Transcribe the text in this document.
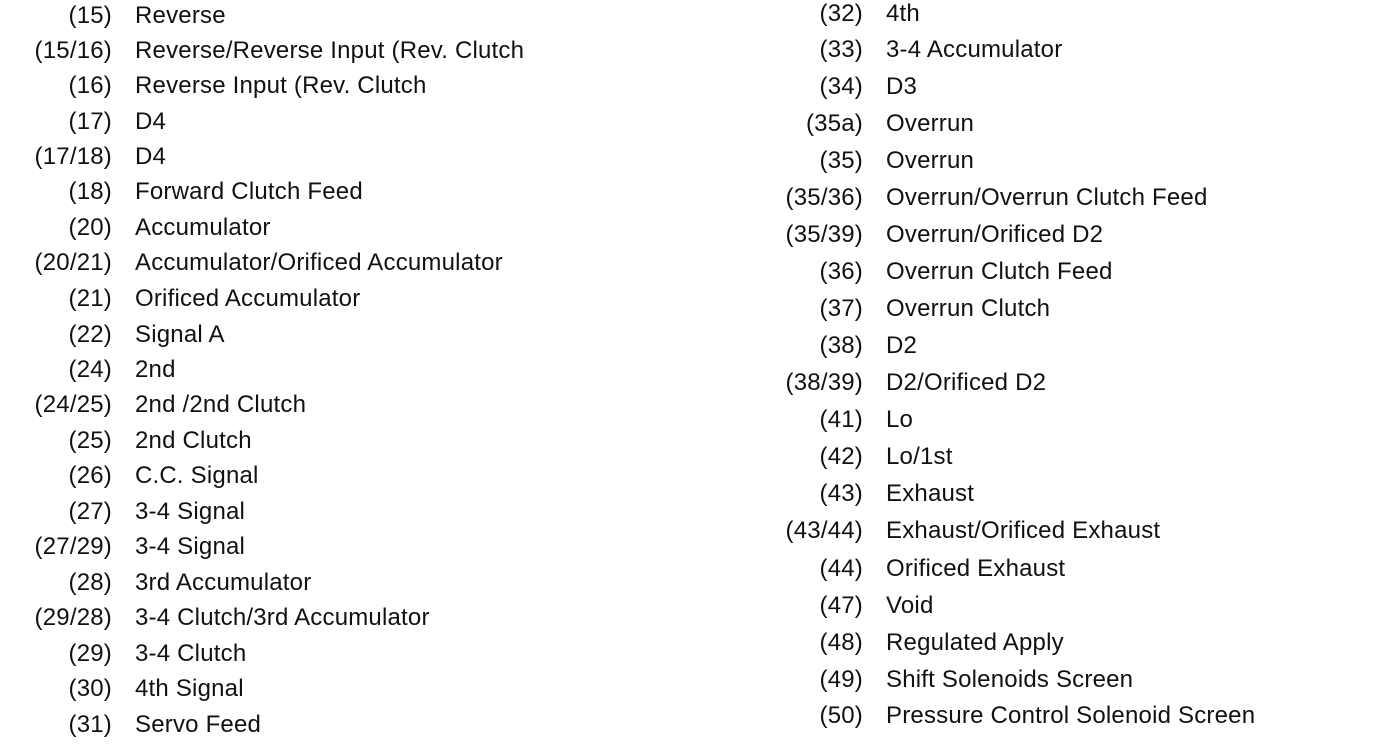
(15) Reverse
(15/16) Reverse/Reverse Input (Rev. Clutch
(16) Reverse Input (Rev. Clutch
(17) D4
(17/18) D4
(18) Forward Clutch Feed
(20) Accumulator
(20/21) Accumulator/Orificed Accumulator
(21) Orificed Accumulator
(22) Signal A
(24) 2nd
(24/25) 2nd /2nd Clutch
(25) 2nd Clutch
(26) C.C. Signal
(27) 3-4 Signal
(27/29) 3-4 Signal
(28) 3rd Accumulator
(29/28) 3-4 Clutch/3rd Accumulator
(29) 3-4 Clutch
(30) 4th Signal
(31) Servo Feed
(32) 4th
(33) 3-4 Accumulator
(34) D3
(35a) Overrun
(35) Overrun
(35/36) Overrun/Overrun Clutch Feed
(35/39) Overrun/Orificed D2
(36) Overrun Clutch Feed
(37) Overrun Clutch
(38) D2
(38/39) D2/Orificed D2
(41) Lo
(42) Lo/1st
(43) Exhaust
(43/44) Exhaust/Orificed Exhaust
(44) Orificed Exhaust
(47) Void
(48) Regulated Apply
(49) Shift Solenoids Screen
(50) Pressure Control Solenoid Screen
